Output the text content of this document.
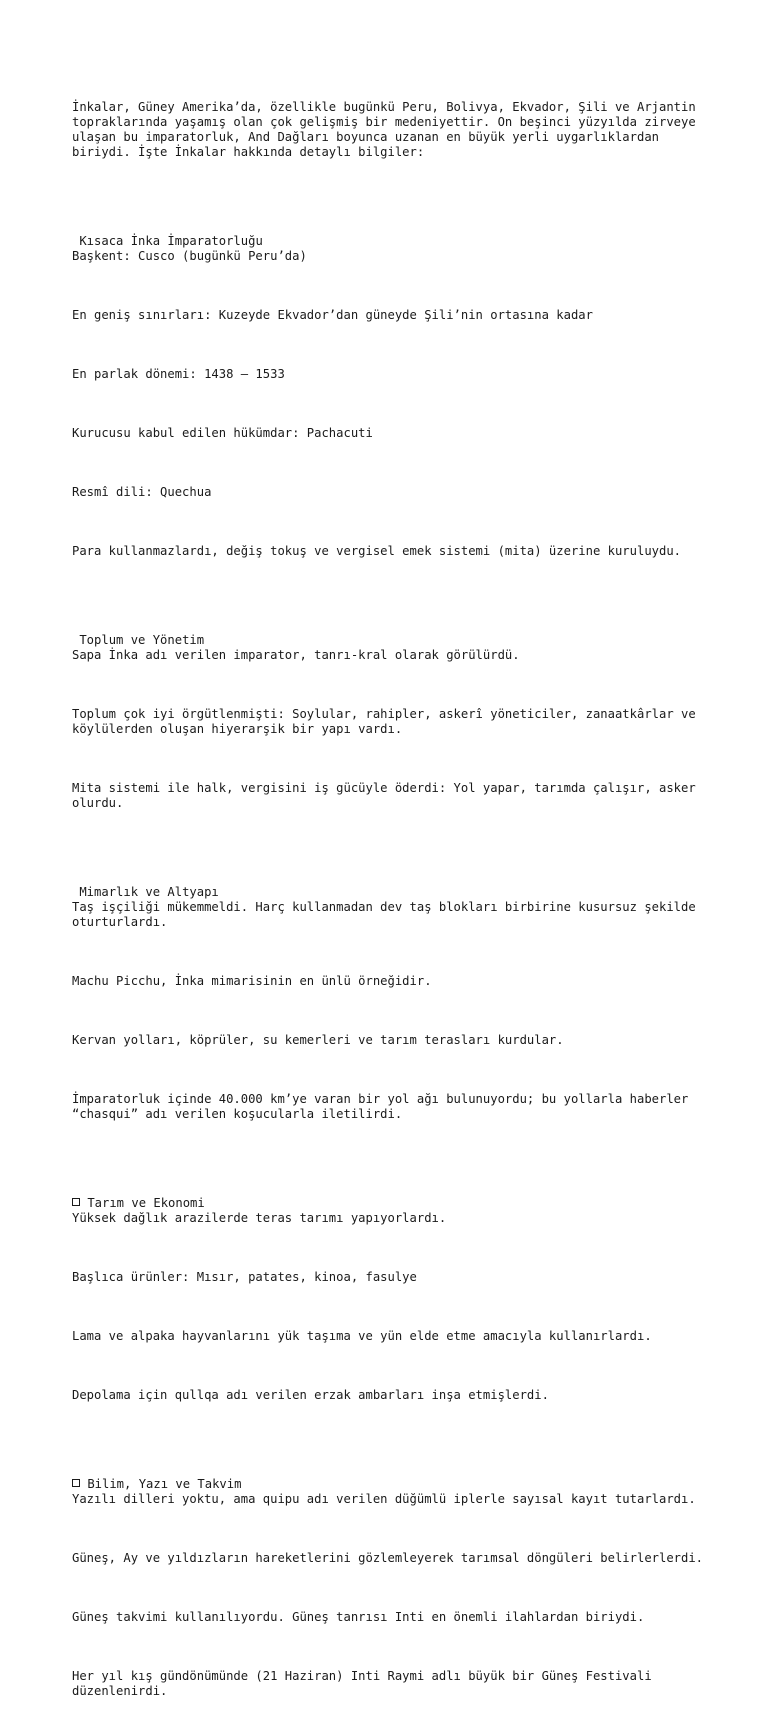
İnkalar, Güney Amerika’da, özellikle bugünkü Peru, Bolivya, Ekvador, Şili ve Arjantin topraklarında yaşamış olan çok gelişmiş bir medeniyettir. On beşinci yüzyılda zirveye ulaşan bu imparatorluk, And Dağları boyunca uzanan en büyük yerli uygarlıklardan biriydi. İşte İnkalar hakkında detaylı bilgiler:

Kısaca İnka İmparatorluğu
Başkent: Cusco (bugünkü Peru’da)

En geniş sınırları: Kuzeyde Ekvador’dan güneyde Şili’nin ortasına kadar

En parlak dönemi: 1438 – 1533

Kurucusu kabul edilen hükümdar: Pachacuti

Resmî dili: Quechua

Para kullanmazlardı, değiş tokuş ve vergisel emek sistemi (mita) üzerine kuruluydu.

Toplum ve Yönetim
Sapa İnka adı verilen imparator, tanrı-kral olarak görülürdü.

Toplum çok iyi örgütlenmişti: Soylular, rahipler, askerî yöneticiler, zanaatkârlar ve köylülerden oluşan hiyerarşik bir yapı vardı.

Mita sistemi ile halk, vergisini iş gücüyle öderdi: Yol yapar, tarımda çalışır, asker olurdu.

Mimarlık ve Altyapı
Taş işçiliği mükemmeldi. Harç kullanmadan dev taş blokları birbirine kusursuz şekilde oturturlardı.

Machu Picchu, İnka mimarisinin en ünlü örneğidir.

Kervan yolları, köprüler, su kemerleri ve tarım terasları kurdular.

İmparatorluk içinde 40.000 km’ye varan bir yol ağı bulunuyordu; bu yollarla haberler “chasqui” adı verilen koşucularla iletilirdi.

Tarım ve Ekonomi
Yüksek dağlık arazilerde teras tarımı yapıyorlardı.

Başlıca ürünler: Mısır, patates, kinoa, fasulye

Lama ve alpaka hayvanlarını yük taşıma ve yün elde etme amacıyla kullanırlardı.

Depolama için qullqa adı verilen erzak ambarları inşa etmişlerdi.

Bilim, Yazı ve Takvim
Yazılı dilleri yoktu, ama quipu adı verilen düğümlü iplerle sayısal kayıt tutarlardı.

Güneş, Ay ve yıldızların hareketlerini gözlemleyerek tarımsal döngüleri belirlerlerdi.

Güneş takvimi kullanılıyordu. Güneş tanrısı Inti en önemli ilahlardan biriydi.

Her yıl kış gündönümünde (21 Haziran) Inti Raymi adlı büyük bir Güneş Festivali düzenlenirdi.
